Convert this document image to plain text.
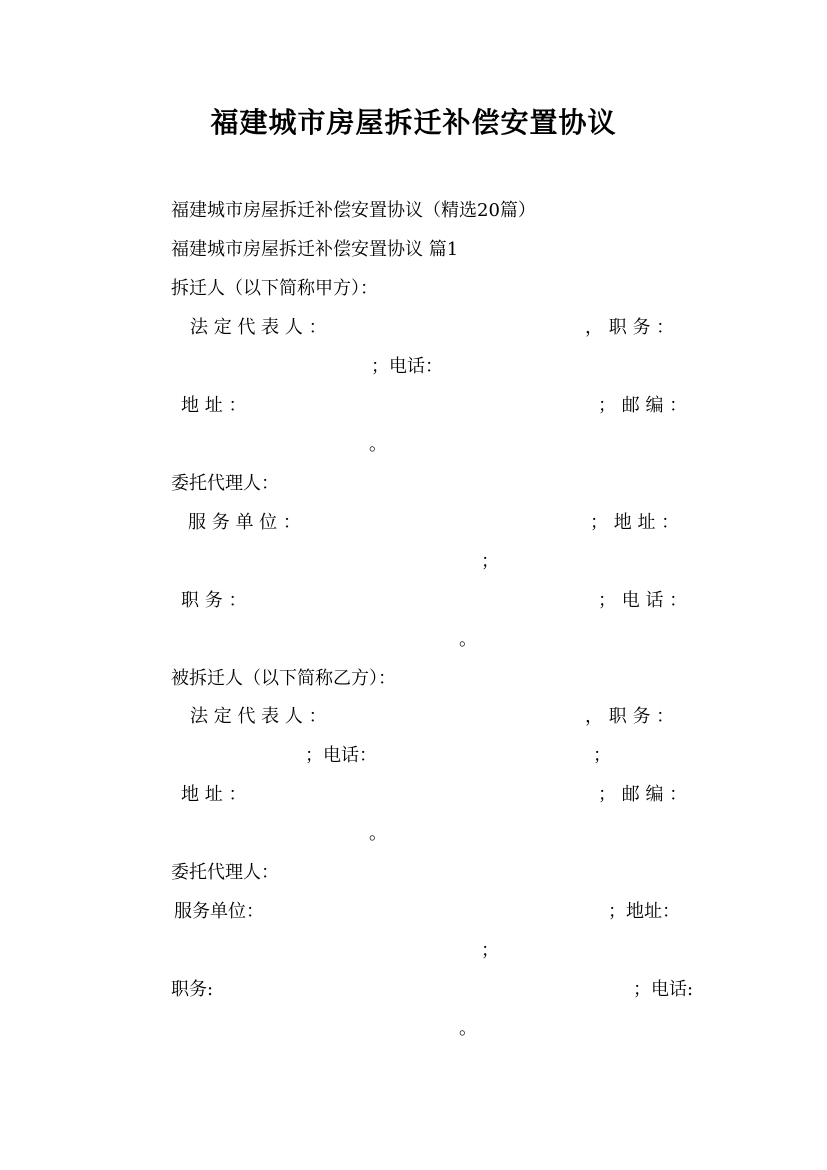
福建城市房屋拆迁补偿安置协议
福建城市房屋拆迁补偿安置协议（精选20篇）
福建城市房屋拆迁补偿安置协议 篇1
拆迁人（以下简称甲方）：
法 定 代 表 人 ：	， 职 务 ：
；电话：
地 址 ：	； 邮 编 ：
。
委托代理人：
服 务 单 位 ：	； 地 址 ：
；
职 务 ：	； 电 话 ：
。
被拆迁人（以下简称乙方）：
法 定 代 表 人 ：	， 职 务 ：
；电话：	；
地 址 ：	； 邮 编 ：
。
委托代理人：
服务单位：	；地址：
；
职务:	；电话:
。
